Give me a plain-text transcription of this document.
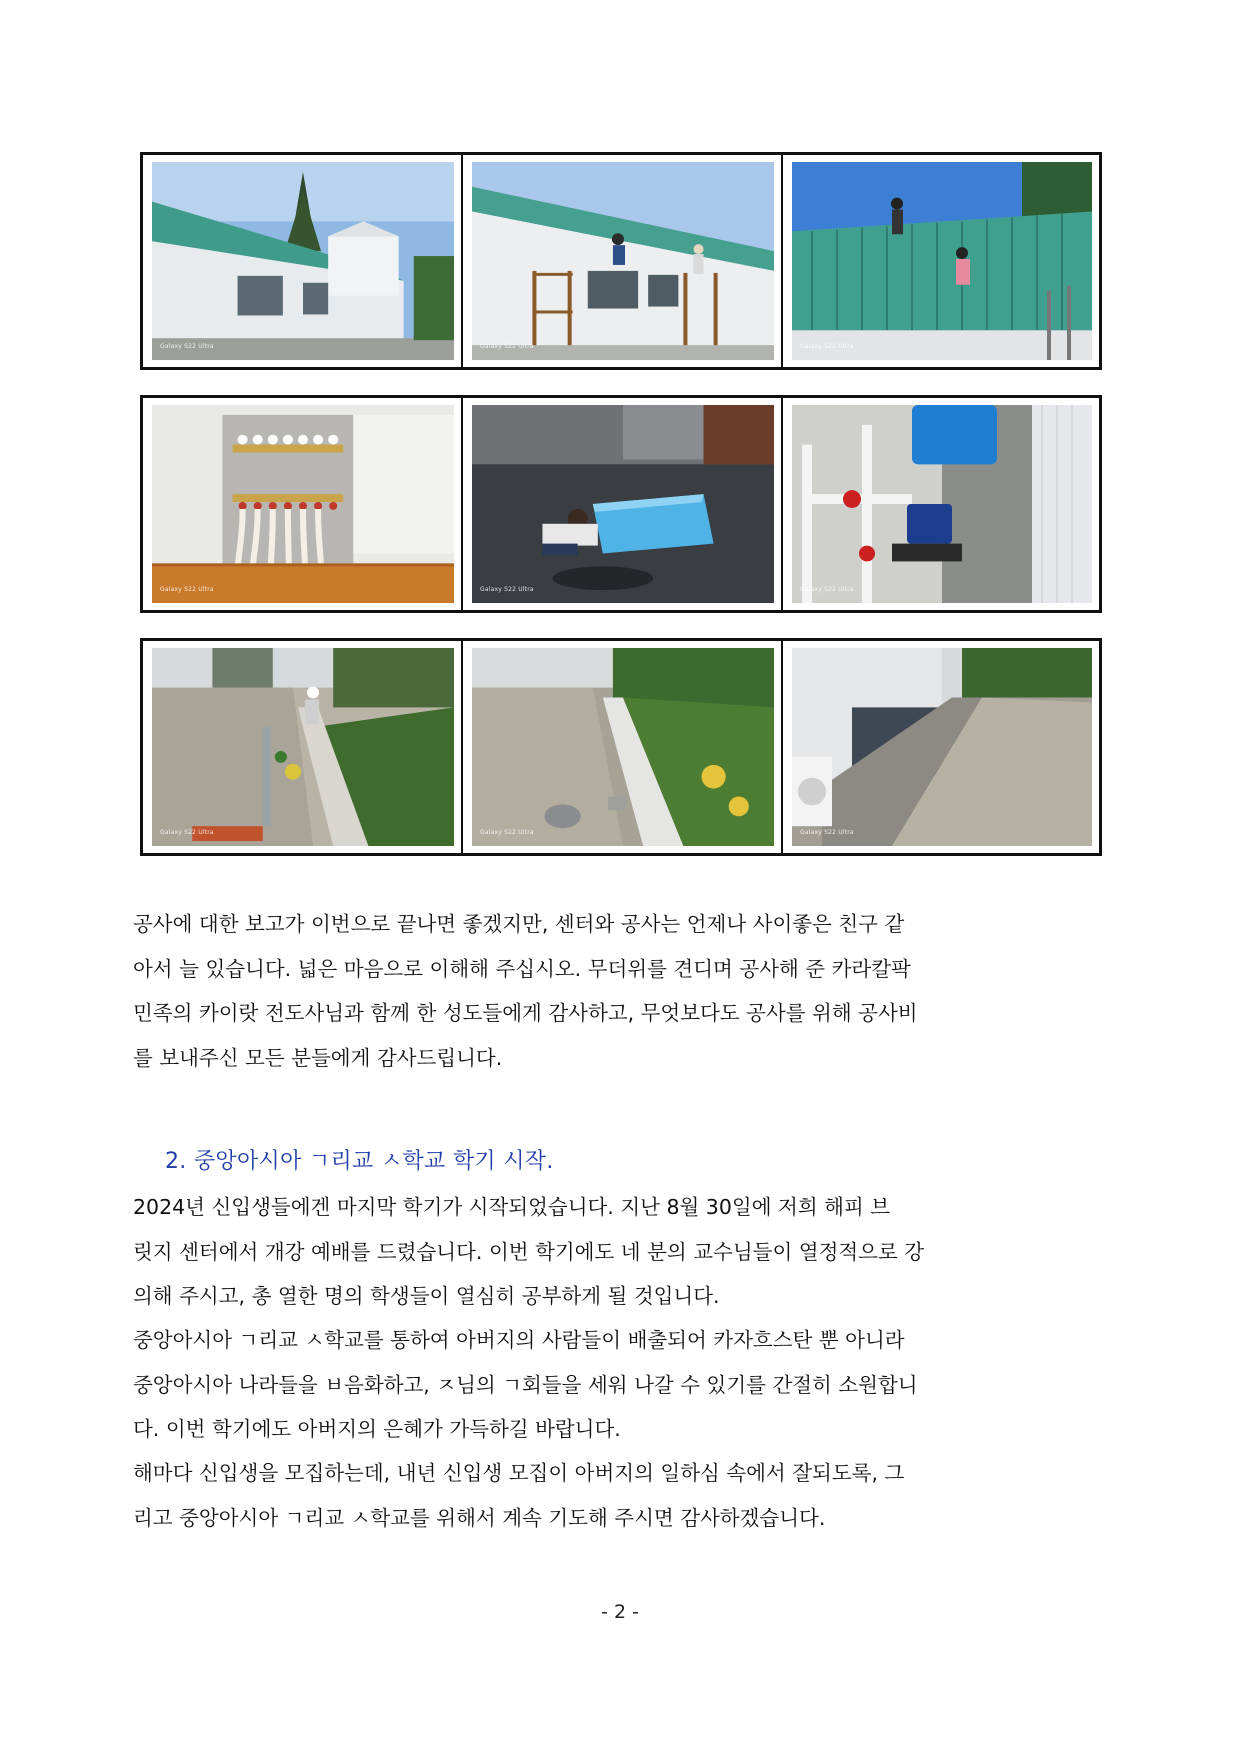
Galaxy S22 Ultra	Galaxy S22 Ultra	Galaxy S22 Ultra
Galaxy S22 Ultra	Galaxy S22 Ultra	Galaxy S22 Ultra
Galaxy S22 Ultra	Galaxy S22 Ultra	Galaxy S22 Ultra

공사에 대한 보고가 이번으로 끝나면 좋겠지만, 센터와 공사는 언제나 사이좋은 친구 같
아서 늘 있습니다. 넓은 마음으로 이해해 주십시오. 무더위를 견디며 공사해 준 카라칼팍
민족의 카이랏 전도사님과 함께 한 성도들에게 감사하고, 무엇보다도 공사를 위해 공사비
를 보내주신 모든 분들에게 감사드립니다.

2. 중앙아시아 ㄱ리교 ㅅ학교 학기 시작.

2024년 신입생들에겐 마지막 학기가 시작되었습니다. 지난 8월 30일에 저희 해피 브
릿지 센터에서 개강 예배를 드렸습니다. 이번 학기에도 네 분의 교수님들이 열정적으로 강
의해 주시고, 총 열한 명의 학생들이 열심히 공부하게 될 것입니다.

중앙아시아 ㄱ리교 ㅅ학교를 통하여 아버지의 사람들이 배출되어 카자흐스탄 뿐 아니라
중앙아시아 나라들을 ㅂ음화하고, ㅈ님의 ㄱ회들을 세워 나갈 수 있기를 간절히 소원합니
다. 이번 학기에도 아버지의 은혜가 가득하길 바랍니다.

해마다 신입생을 모집하는데, 내년 신입생 모집이 아버지의 일하심 속에서 잘되도록, 그
리고 중앙아시아 ㄱ리교 ㅅ학교를 위해서 계속 기도해 주시면 감사하겠습니다.

- 2 -
